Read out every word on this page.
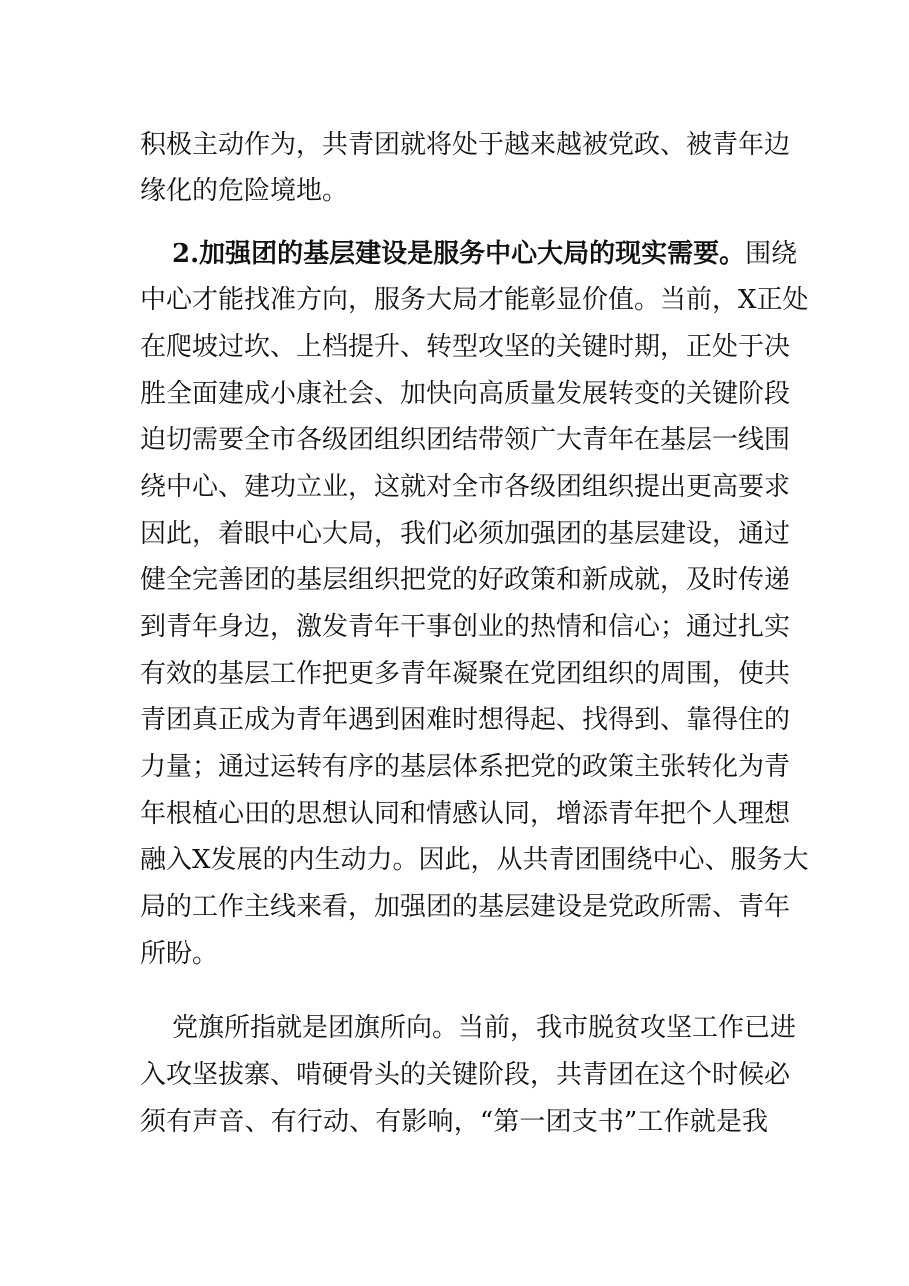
积极主动作为，共青团就将处于越来越被党政、被青年边
缘化的危险境地。
2.加强团的基层建设是服务中心大局的现实需要。围绕
中心才能找准方向，服务大局才能彰显价值。当前，X正处
在爬坡过坎、上档提升、转型攻坚的关键时期，正处于决
胜全面建成小康社会、加快向高质量发展转变的关键阶段
迫切需要全市各级团组织团结带领广大青年在基层一线围
绕中心、建功立业，这就对全市各级团组织提出更高要求
因此，着眼中心大局，我们必须加强团的基层建设，通过
健全完善团的基层组织把党的好政策和新成就，及时传递
到青年身边，激发青年干事创业的热情和信心；通过扎实
有效的基层工作把更多青年凝聚在党团组织的周围，使共
青团真正成为青年遇到困难时想得起、找得到、靠得住的
力量；通过运转有序的基层体系把党的政策主张转化为青
年根植心田的思想认同和情感认同，增添青年把个人理想
融入X发展的内生动力。因此，从共青团围绕中心、服务大
局的工作主线来看，加强团的基层建设是党政所需、青年
所盼。
党旗所指就是团旗所向。当前，我市脱贫攻坚工作已进
入攻坚拔寨、啃硬骨头的关键阶段，共青团在这个时候必
须有声音、有行动、有影响，“第一团支书”工作就是我
